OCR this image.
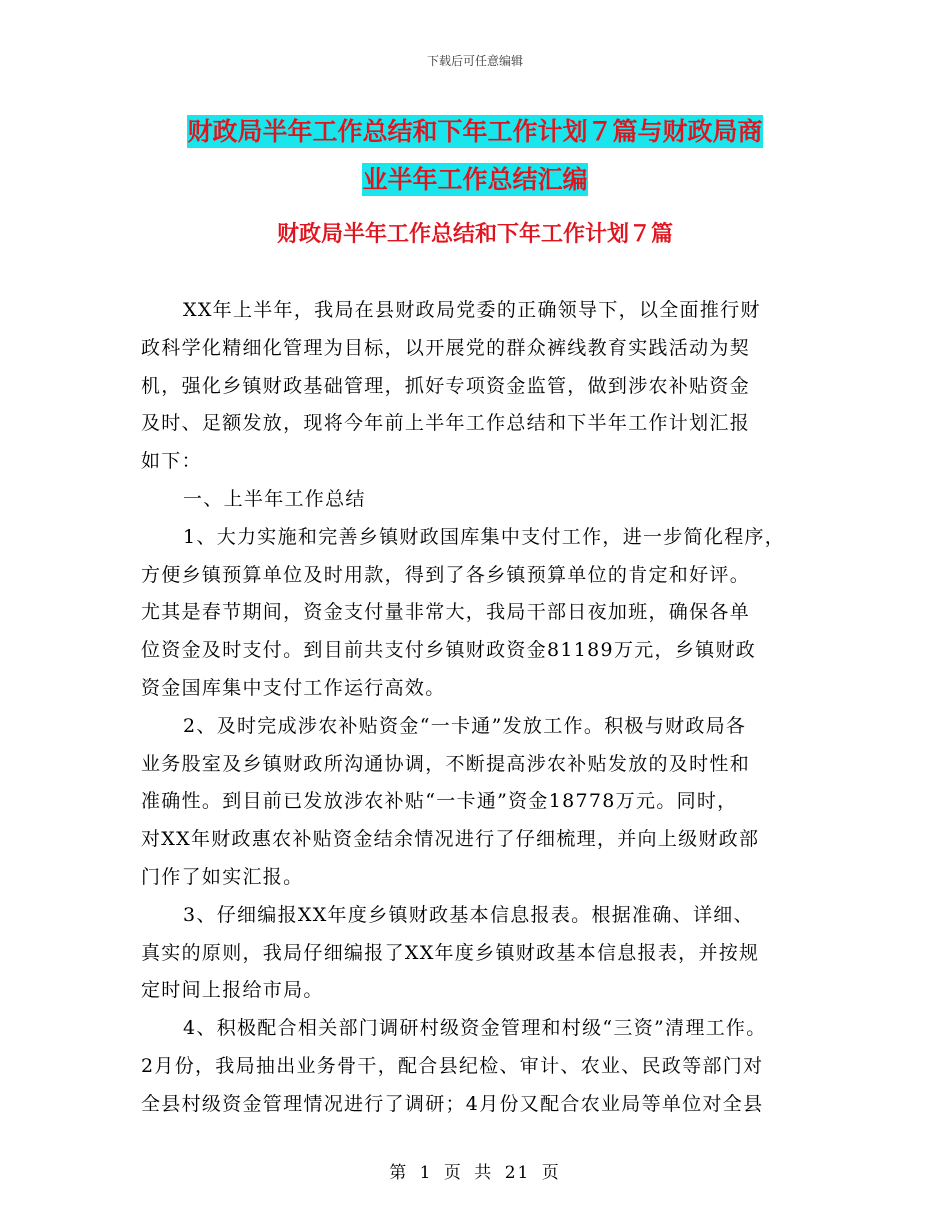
下载后可任意编辑
财政局半年工作总结和下年工作计划７篇与财政局商
业半年工作总结汇编
财政局半年工作总结和下年工作计划７篇

XX年上半年，我局在县财政局党委的正确领导下，以全面推行财
政科学化精细化管理为目标，以开展党的群众裤线教育实践活动为契
机，强化乡镇财政基础管理，抓好专项资金监管，做到涉农补贴资金
及时、足额发放，现将今年前上半年工作总结和下半年工作计划汇报
如下：

一、上半年工作总结

1、大力实施和完善乡镇财政国库集中支付工作，进一步简化程序，
方便乡镇预算单位及时用款，得到了各乡镇预算单位的肯定和好评。
尤其是春节期间，资金支付量非常大，我局干部日夜加班，确保各单
位资金及时支付。到目前共支付乡镇财政资金81189万元，乡镇财政
资金国库集中支付工作运行高效。

2、及时完成涉农补贴资金“一卡通”发放工作。积极与财政局各
业务股室及乡镇财政所沟通协调，不断提高涉农补贴发放的及时性和
准确性。到目前已发放涉农补贴“一卡通”资金18778万元。同时，
对XX年财政惠农补贴资金结余情况进行了仔细梳理，并向上级财政部
门作了如实汇报。

3、仔细编报XX年度乡镇财政基本信息报表。根据准确、详细、
真实的原则，我局仔细编报了XX年度乡镇财政基本信息报表，并按规
定时间上报给市局。

4、积极配合相关部门调研村级资金管理和村级“三资”清理工作。
2月份，我局抽出业务骨干，配合县纪检、审计、农业、民政等部门对
全县村级资金管理情况进行了调研；4月份又配合农业局等单位对全县

第 1 页 共 21 页
